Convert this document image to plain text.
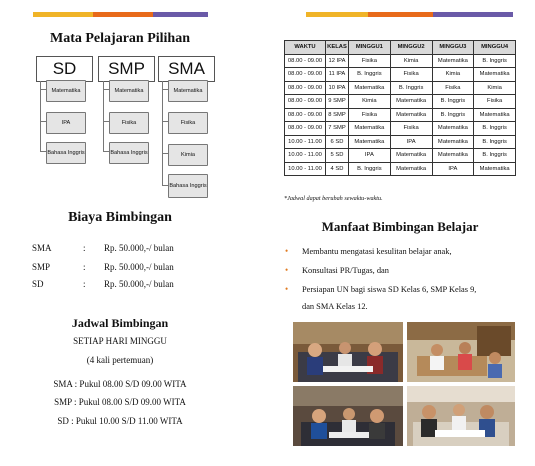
Mata Pelajaran Pilihan
SD
Matematika
IPA
Bahasa Inggris
SMP
Matematika
Fisika
Bahasa Inggris
SMA
Matematika
Fisika
Kimia
Bahasa Inggris
Biaya Bimbingan
SMA	: Rp. 50.000,-/ bulan
SMP	: Rp. 50.000,-/ bulan
SD	: Rp. 50.000,-/ bulan
Jadwal Bimbingan
SETIAP HARI MINGGU
(4 kali pertemuan)
SMA : Pukul 08.00 S/D 09.00 WITA
SMP : Pukul 08.00 S/D 09.00 WITA
SD : Pukul 10.00 S/D 11.00 WITA
WAKTU	KELAS	MINGGU1	MINGGU2	MINGGU3	MINGGU4
08.00 - 09.00	12 IPA	Fisika	Kimia	Matematika	B. Inggris
08.00 - 09.00	11 IPA	B. Inggris	Fisika	Kimia	Matematika
08.00 - 09.00	10 IPA	Matematika	B. Inggris	Fisika	Kimia
08.00 - 09.00	9 SMP	Kimia	Matematika	B. Inggris	Fisika
08.00 - 09.00	8 SMP	Fisika	Matematika	B. Inggris	Matematika
08.00 - 09.00	7 SMP	Matematika	Fisika	Matematika	B. Inggris
10.00 - 11.00	6 SD	Matematika	IPA	Matematika	B. Inggris
10.00 - 11.00	5 SD	IPA	Matematika	Matematika	B. Inggris
10.00 - 11.00	4 SD	B. Inggris	Matematika	IPA	Matematika
*Jadwal dapat berubah sewaktu-waktu.
Manfaat Bimbingan Belajar
• Membantu mengatasi kesulitan belajar anak,
• Konsultasi PR/Tugas, dan
• Persiapan UN bagi siswa SD Kelas 6, SMP Kelas 9,
dan SMA Kelas 12.
